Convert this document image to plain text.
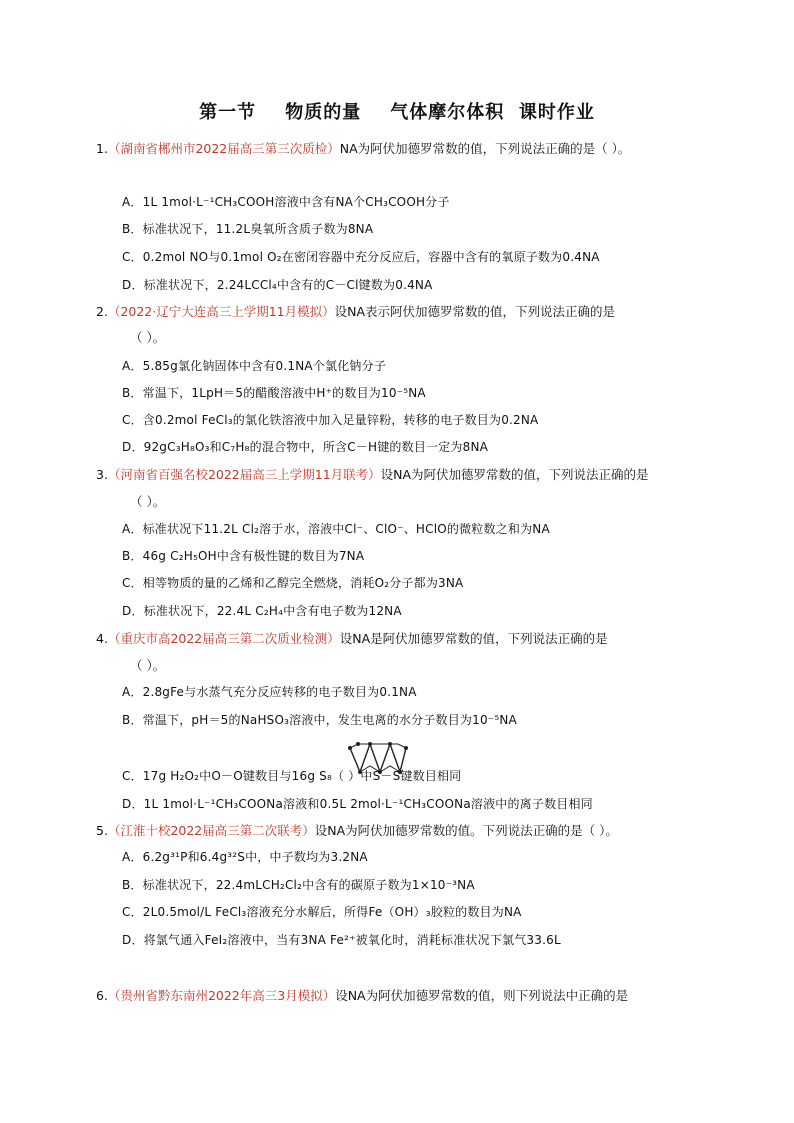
第一节    物质的量    气体摩尔体积  课时作业
1.（湖南省郴州市2022届高三第三次质检）NA为阿伏加德罗常数的值，下列说法正确的是（ ）。
A．1L 1mol·L⁻¹CH₃COOH溶液中含有NA个CH₃COOH分子
B．标准状况下，11.2L臭氧所含质子数为8NA
C．0.2mol NO与0.1mol O₂在密闭容器中充分反应后，容器中含有的氧原子数为0.4NA
D．标准状况下，2.24LCCl₄中含有的C－Cl键数为0.4NA
2.（2022·辽宁大连高三上学期11月模拟）设NA表示阿伏加德罗常数的值，下列说法正确的是
（ ）。
A．5.85g氯化钠固体中含有0.1NA个氯化钠分子
B．常温下，1LpH＝5的醋酸溶液中H⁺的数目为10⁻⁵NA
C．含0.2mol FeCl₃的氯化铁溶液中加入足量锌粉，转移的电子数目为0.2NA
D．92gC₃H₈O₃和C₇H₈的混合物中，所含C－H键的数目一定为8NA
3.（河南省百强名校2022届高三上学期11月联考）设NA为阿伏加德罗常数的值，下列说法正确的是
（ ）。
A．标准状况下11.2L Cl₂溶于水，溶液中Cl⁻、ClO⁻、HClO的微粒数之和为NA
B．46g C₂H₅OH中含有极性键的数目为7NA
C．相等物质的量的乙烯和乙醇完全燃烧，消耗O₂分子都为3NA
D．标准状况下，22.4L C₂H₄中含有电子数为12NA
4.（重庆市高2022届高三第二次质业检测）设NA是阿伏加德罗常数的值，下列说法正确的是
（ ）。
A．2.8gFe与水蒸气充分反应转移的电子数目为0.1NA
B．常温下，pH＝5的NaHSO₃溶液中，发生电离的水分子数目为10⁻⁵NA
C．17g H₂O₂中O－O键数目与16g S₈（ ）中S－S键数目相同
D．1L 1mol·L⁻¹CH₃COONa溶液和0.5L 2mol·L⁻¹CH₃COONa溶液中的离子数目相同
5.（江淮十校2022届高三第二次联考）设NA为阿伏加德罗常数的值。下列说法正确的是（ ）。
A．6.2g³¹P和6.4g³²S中，中子数均为3.2NA
B．标准状况下，22.4mLCH₂Cl₂中含有的碳原子数为1×10⁻³NA
C．2L0.5mol/L FeCl₃溶液充分水解后，所得Fe（OH）₃胶粒的数目为NA
D．将氯气通入FeI₂溶液中，当有3NA Fe²⁺被氧化时，消耗标准状况下氯气33.6L
6.（贵州省黔东南州2022年高三3月模拟）设NA为阿伏加德罗常数的值，则下列说法中正确的是
